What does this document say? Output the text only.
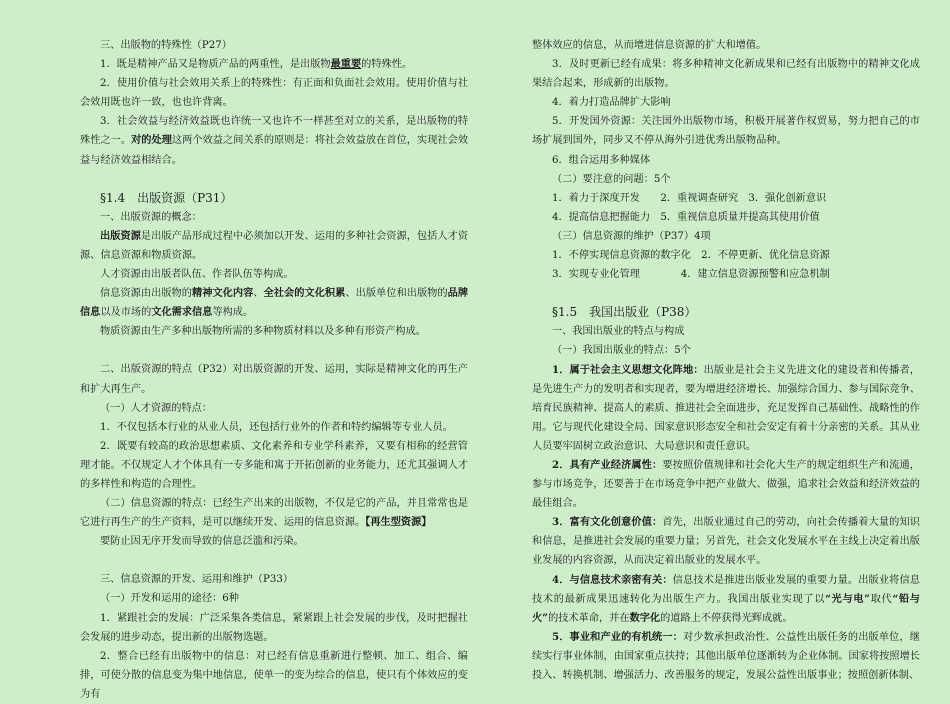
三、出版物的特殊性（P27）

1．既是精神产品又是物质产品的两重性，是出版物最重要的特殊性。

2．使用价值与社会效用关系上的特殊性：有正面和负面社会效用。使用价值与社会效用既也许一致，也也许背离。

3．社会效益与经济效益既也许统一又也许不一样甚至对立的关系，是出版物的特殊性之一。对的处理这两个效益之间关系的原则是：将社会效益放在首位，实现社会效益与经济效益相结合。

§1.4　出版资源（P31）

一、出版资源的概念：

出版资源是出版产品形成过程中必须加以开发、运用的多种社会资源，包括人才资源、信息资源和物质资源。

人才资源由出版者队伍、作者队伍等构成。

信息资源由出版物的精神文化内容、全社会的文化积累、出版单位和出版物的品牌信息以及市场的文化需求信息等构成。

物质资源由生产多种出版物所需的多种物质材料以及多种有形资产构成。

二、出版资源的特点（P32）对出版资源的开发、运用，实际是精神文化的再生产和扩大再生产。

（一）人才资源的特点：

1．不仅包括本行业的从业人员，还包括行业外的作者和特约编辑等专业人员。

2．既要有较高的政治思想素质、文化素养和专业学科素养，又要有相称的经营管理才能。不仅规定人才个体具有一专多能和寓于开拓创新的业务能力，还尤其强调人才的多样性和构造的合理性。

（二）信息资源的特点：已经生产出来的出版物，不仅是它的产品，并且常常也是它进行再生产的生产资料，是可以继续开发、运用的信息资源。【再生型资源】

要防止因无序开发而导致的信息泛滥和污染。

三、信息资源的开发、运用和维护（P33）

（一）开发和运用的途径：6种

1．紧跟社会的发展：广泛采集各类信息，紧紧跟上社会发展的步伐，及时把握社会发展的进步动态，提出新的出版物选题。

2．整合已经有出版物中的信息：对已经有信息重新进行整顿、加工、组合、编排，可使分散的信息变为集中地信息，使单一的变为综合的信息，使只有个体效应的变为有

整体效应的信息，从而增进信息资源的扩大和增值。

3．及时更新已经有成果：将多种精神文化新成果和已经有出版物中的精神文化成果结合起来，形成新的出版物。

4．着力打造品牌扩大影响

5．开发国外资源：关注国外出版物市场，积极开展著作权贸易，努力把自己的市场扩展到国外，同步又不停从海外引进优秀出版物品种。

6．组合运用多种媒体

（二）要注意的问题：5个

1．着力于深度开发　　2．重视调查研究　3．强化创新意识

4．提高信息把握能力　5．重视信息质量并提高其使用价值

（三）信息资源的维护（P37）4项

1．不停实现信息资源的数字化　2．不停更新、优化信息资源

3．实现专业化管理　　　　4．建立信息资源预警和应急机制

§1.5　我国出版业（P38）

一、我国出版业的特点与构成

（一）我国出版业的特点：5个

1．属于社会主义思想文化阵地：出版业是社会主义先进文化的建设者和传播者，是先进生产力的发明者和实现者，要为增进经济增长、加强综合国力、参与国际竞争、培育民族精神、提高人的素质、推进社会全面进步，充足发挥自己基础性、战略性的作用。它与现代化建设全局、国家意识形态安全和社会安定有着十分亲密的关系。其从业人员要牢固树立政治意识、大局意识和责任意识。

2．具有产业经济属性：要按照价值规律和社会化大生产的规定组织生产和流通，参与市场竞争，还要善于在市场竞争中把产业做大、做强，追求社会效益和经济效益的最佳组合。

3．富有文化创意价值：首先，出版业通过自己的劳动，向社会传播着大量的知识和信息，是推进社会发展的重要力量；另首先，社会文化发展水平在主线上决定着出版业发展的内容资源，从而决定着出版业的发展水平。

4．与信息技术亲密有关：信息技术是推进出版业发展的重要力量。出版业将信息技术的最新成果迅速转化为出版生产力。我国出版业实现了以“光与电”取代“铅与火”的技术革命，并在数字化的道路上不停获得光辉成就。

5．事业和产业的有机统一：对少数承担政治性、公益性出版任务的出版单位，继续实行事业体制，由国家重点扶持；其他出版单位逐渐转为企业体制。国家将按照增长投入、转换机制、增强活力、改善服务的规定，发展公益性出版事业；按照创新体制、
